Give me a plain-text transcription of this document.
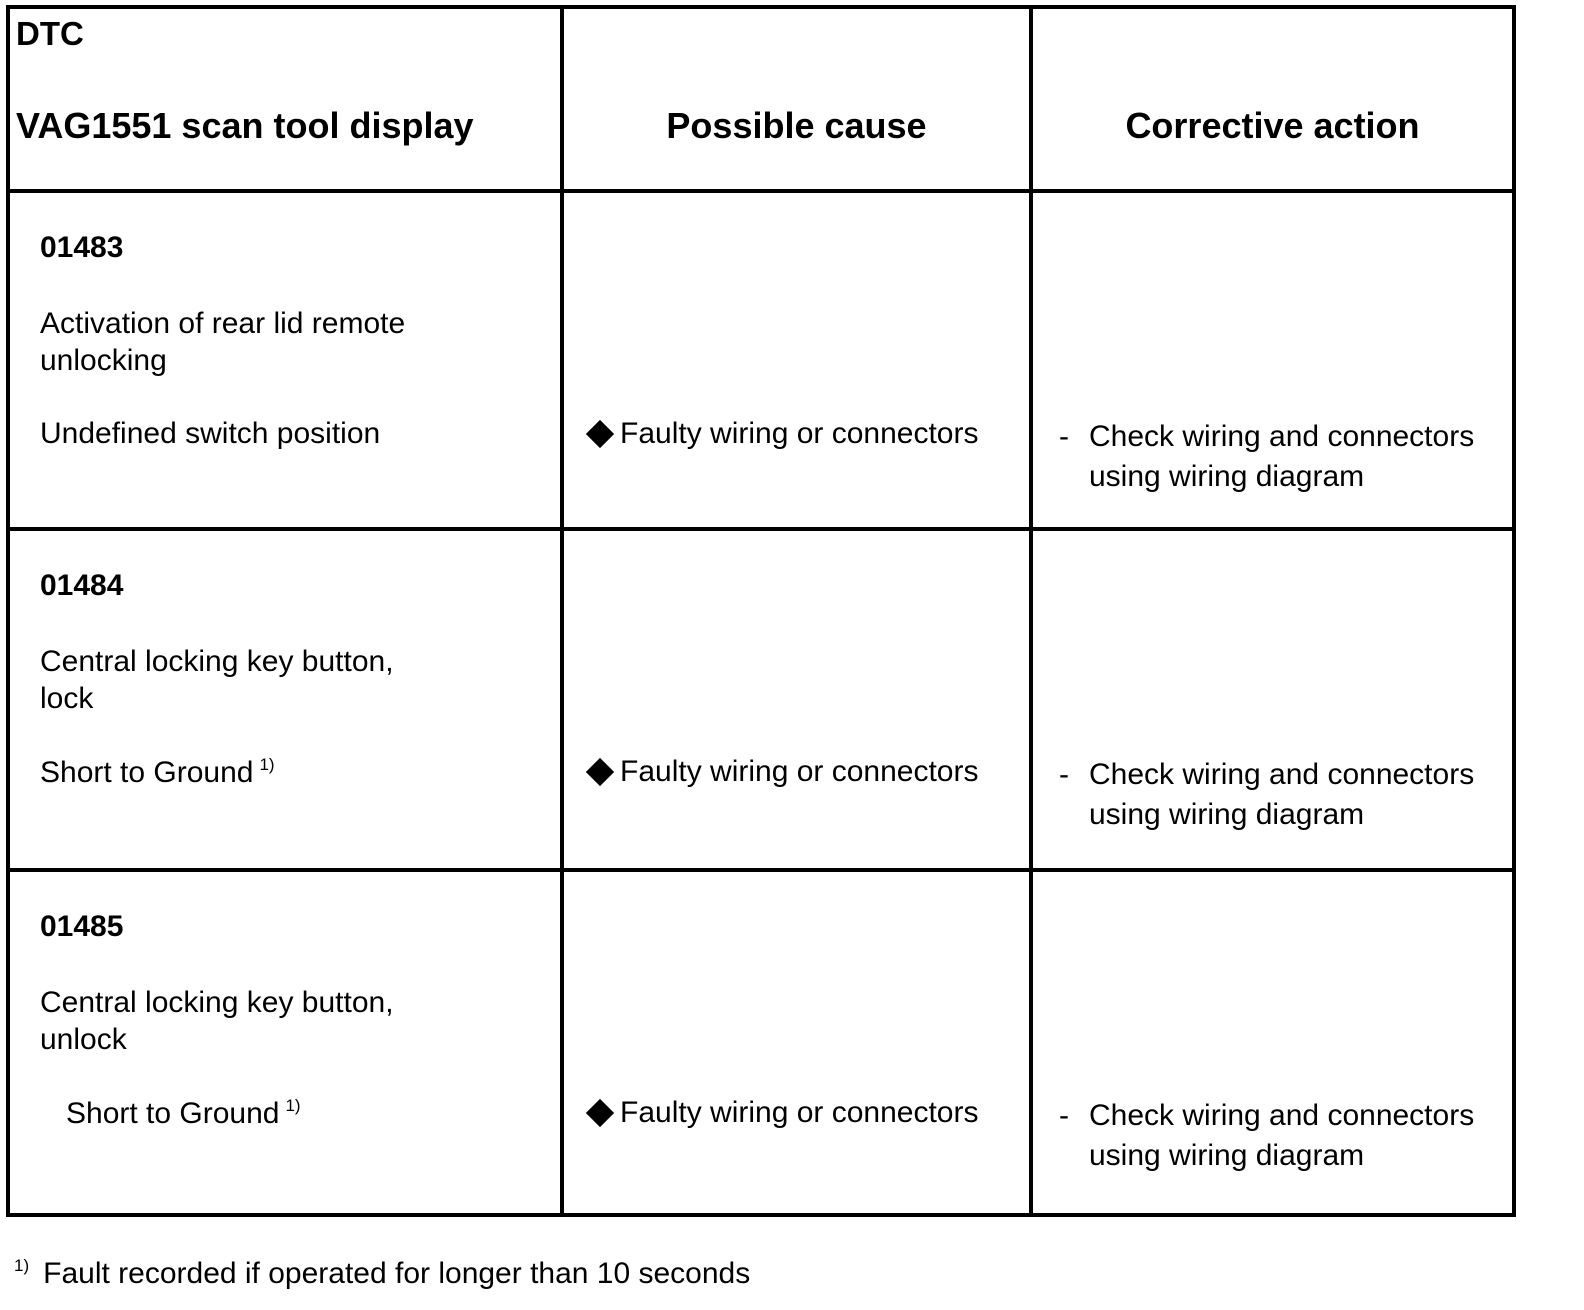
DTC
VAG1551 scan tool display	Possible cause	Corrective action
01483
Activation of rear lid remote unlocking
Undefined switch position	Faulty wiring or connectors	- Check wiring and connectors using wiring diagram
01484
Central locking key button, lock
Short to Ground $^{1)}$	Faulty wiring or connectors	- Check wiring and connectors using wiring diagram
01485
Central locking key button, unlock
Short to Ground $^{1)}$	Faulty wiring or connectors	- Check wiring and connectors using wiring diagram
$^{1)}$ Fault recorded if operated for longer than 10 seconds
